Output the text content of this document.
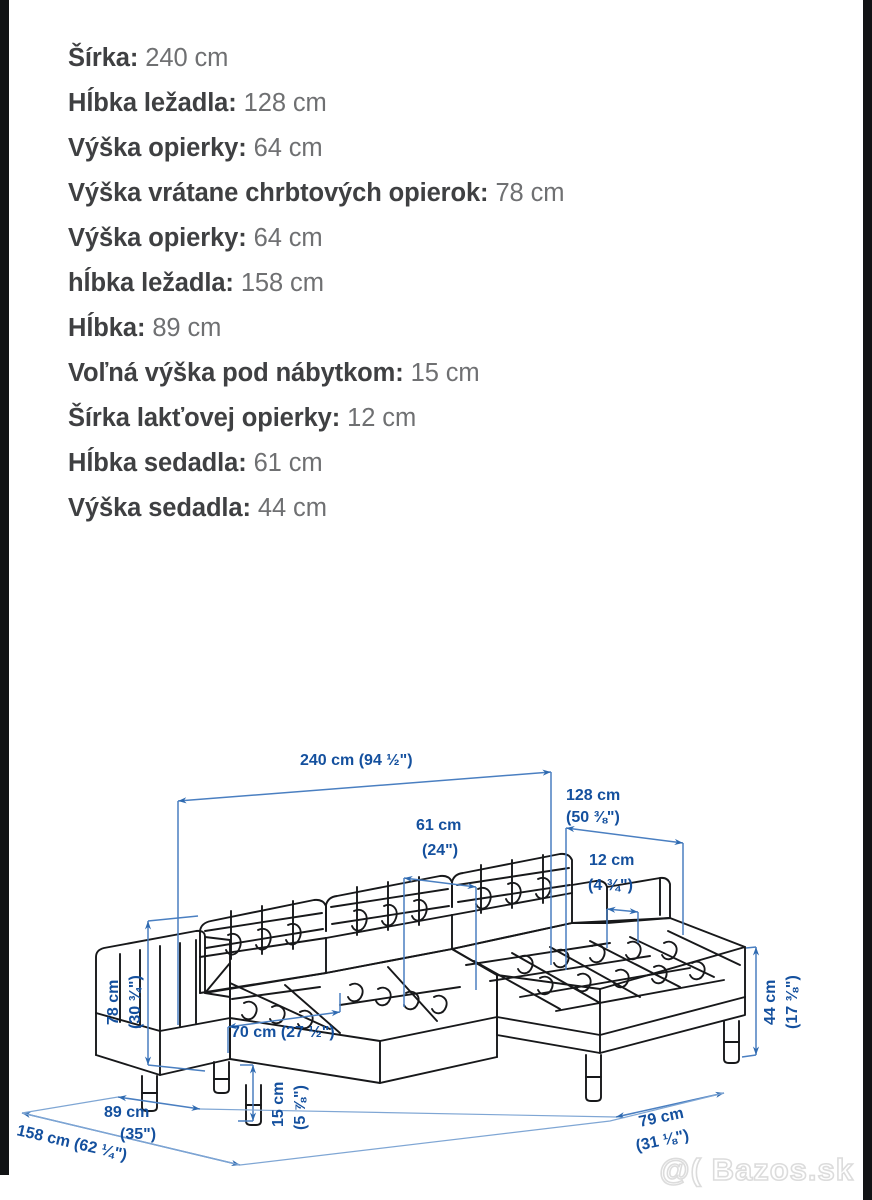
Šírka: 240 cm
Hĺbka ležadla: 128 cm
Výška opierky: 64 cm
Výška vrátane chrbtových opierok: 78 cm
Výška opierky: 64 cm
hĺbka ležadla: 158 cm
Hĺbka: 89 cm
Voľná výška pod nábytkom: 15 cm
Šírka lakťovej opierky: 12 cm
Hĺbka sedadla: 61 cm
Výška sedadla: 44 cm
240 cm (94 ½")
128 cm
(50 ⅜")
61 cm
(24")
12 cm
(4 ¾")
78 cm (30 ¾")
70 cm (27 ½")
15 cm (5 ⅞")
89 cm
(35")
158 cm (62 ¼")
79 cm
(31 ⅛")
44 cm (17 ⅜")
@( Bazos.sk
